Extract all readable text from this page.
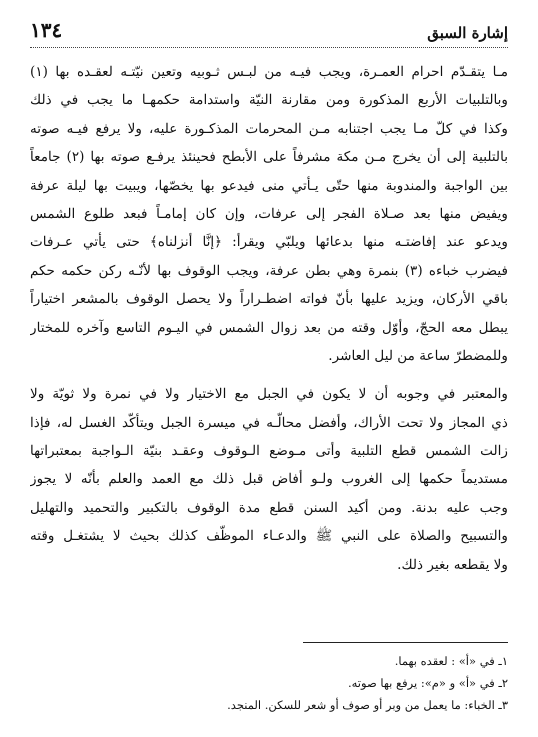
إشارة السبق
١٣٤
مـا يتقـدّم احرام العمـرة، ويجب فيـه من لبـس ثـوبيه وتعين نيّتـه لعقـده بها (١)
وبالتلبيات الأربع المذكورة ومن مقارنة النيّة واستدامة حكمهـا ما يجب في ذلك
وكذا في كلّ مـا يجب اجتنابه مـن المحرمات المذكـورة عليه، ولا يرفع فيـه صوته
بالتلبية إلى أن يخرج مـن مكة مشرفاً على الأبطح فحينئذ يرفـع صوته بها (٢) جامعاً
بين الواجبة والمندوبة منها حتّى يـأتي منى فيدعو بها يخصّها، ويبيت بها ليلة عرفة
ويفيض منها بعد صـلاة الفجر إلى عرفات، وإن كان إمامـاً فبعد طلوع الشمس
ويدعو عند إفاضتـه منها بدعائها ويلبّي ويقرأ: ﴿إنَّا أنزلناه﴾ حتى يأتي عـرفات
فيضرب خباءه (٣) بنمرة وهي بطن عرفة، ويجب الوقوف بها لأنّـه ركن حكمه حكم
باقي الأركان، ويزيد عليها بأنّ فواته اضطـراراً ولا يحصل الوقوف بالمشعر اختياراً
يبطل معه الحجّ، وأوّل وقته من بعد زوال الشمس في اليـوم التاسع وآخره للمختار
وللمضطرّ ساعة من ليل العاشر.
والمعتبر في وجوبه أن لا يكون في الجبل مع الاختيار ولا في نمرة ولا ثويّة ولا
ذي المجاز ولا تحت الأراك، وأفضل محالّـه في ميسرة الجبل ويتأكّد الغسل له، فإذا
زالت الشمس قطع التلبية وأتى مـوضع الـوقوف وعقـد بنيّة الـواجبة بمعتبراتها
مستديماً حكمها إلى الغروب ولـو أفاض قبل ذلك مع العمد والعلم بأنّه لا يجوز
وجب عليه بدنة. ومن أكيد السنن قطع مدة الوقوف بالتكبير والتحميد والتهليل
والتسبيح والصلاة على النبي ﷺ والدعـاء الموظّف كذلك بحيث لا يشتغـل وقته
ولا يقطعه بغير ذلك.
١ـ في «أ» : لعقده بهما.
٢ـ في «أ» و «م»: يرفع بها صوته.
٣ـ الخباء: ما يعمل من وبر أو صوف أو شعر للسكن. المنجد.
